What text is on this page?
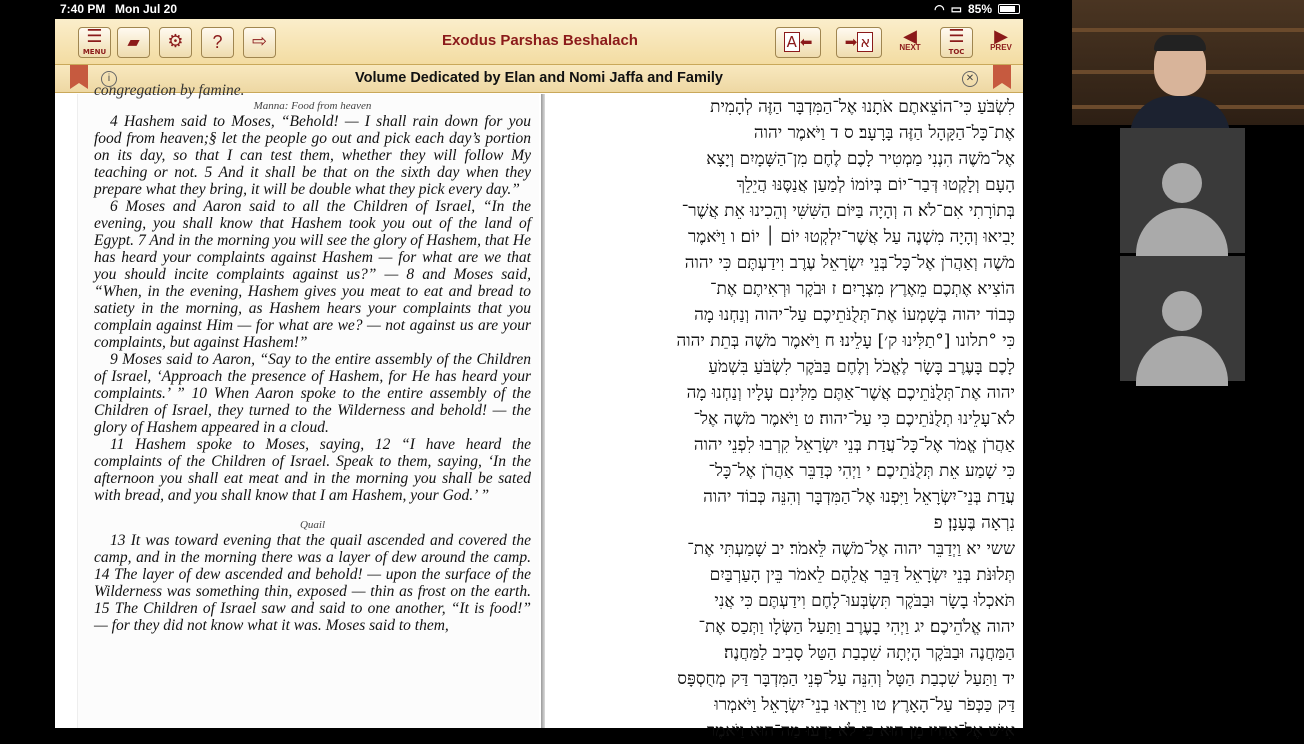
7:40 PM Mon Jul 20	◠ ▭ 85%
☰
MENU
▰	⚙	?	⇨	Exodus Parshas Beshalach	A ⬅	➡ א	◀
NEXT
☰
TOC
▶
PREV
i	Volume Dedicated by Elan and Nomi Jaffa and Family	✕
congregation by famine.
Manna: Food from heaven

4 Hashem said to Moses, “Behold! — I shall rain down for you food from heaven;§ let the people go out and pick each day’s portion on its day, so that I can test them, whether they will follow My teaching or not. 5 And it shall be that on the sixth day when they prepare what they bring, it will be double what they pick every day.”

6 Moses and Aaron said to all the Children of Israel, “In the evening, you shall know that Hashem took you out of the land of Egypt. 7 And in the morning you will see the glory of Hashem, that He has heard your complaints against Hashem — for what are we that you should incite complaints against us?” — 8 and Moses said, “When, in the evening, Hashem gives you meat to eat and bread to satiety in the morning, as Hashem hears your complaints that you complain against Him — for what are we? — not against us are your complaints, but against Hashem!”

9 Moses said to Aaron, “Say to the entire assembly of the Children of Israel, ‘Approach the presence of Hashem, for He has heard your complaints.’ ” 10 When Aaron spoke to the entire assembly of the Children of Israel, they turned to the Wilderness and behold! — the glory of Hashem appeared in a cloud.

11 Hashem spoke to Moses, saying, 12 “I have heard the complaints of the Children of Israel. Speak to them, saying, ‘In the afternoon you shall eat meat and in the morning you shall be sated with bread, and you shall know that I am Hashem, your God.’ ”

Quail

13 It was toward evening that the quail ascended and covered the camp, and in the morning there was a layer of dew around the camp. 14 The layer of dew ascended and behold! — upon the surface of the Wilderness was something thin, exposed — thin as frost on the earth. 15 The Children of Israel saw and said to one another, “It is food!” — for they did not know what it was. Moses said to them,

לִשְׂבֹּעַ כִּי־הוֹצֵאתֶם אֹתָנוּ אֶל־הַמִּדְבָּר הַזֶּה לְהָמִית
אֶת־כָּל־הַקָּהָל הַזֶּה בָּרָעָב׃ ס ד וַיֹּאמֶר יהוה
אֶל־מֹשֶׁה הִנְנִי מַמְטִיר לָכֶם לֶחֶם מִן־הַשָּׁמָיִם וְיָצָא
הָעָם וְלָקְטוּ דְּבַר־יוֹם בְּיוֹמוֹ לְמַעַן אֲנַסֶּנּוּ הֲיֵלֵךְ
בְּתוֹרָתִי אִם־לֹא׃ ה וְהָיָה בַּיּוֹם הַשִּׁשִּׁי וְהֵכִינוּ אֵת אֲשֶׁר־
יָבִיאוּ וְהָיָה מִשְׁנֶה עַל אֲשֶׁר־יִלְקְטוּ יוֹם ׀ יוֹם׃ ו וַיֹּאמֶר
מֹשֶׁה וְאַהֲרֹן אֶל־כָּל־בְּנֵי יִשְׂרָאֵל עֶרֶב וִידַעְתֶּם כִּי יהוה
הוֹצִיא אֶתְכֶם מֵאֶרֶץ מִצְרָיִם׃ ז וּבֹקֶר וּרְאִיתֶם אֶת־
כְּבוֹד יהוה בְּשָׁמְעוֹ אֶת־תְּלֻנֹּתֵיכֶם עַל־יהוה וְנַחְנוּ מָה
כִּי °תלונו [°תַלִּינוּ ק׳] עָלֵינוּ׃ ח וַיֹּאמֶר מֹשֶׁה בְּתֵת יהוה
לָכֶם בָּעֶרֶב בָּשָׂר לֶאֱכֹל וְלֶחֶם בַּבֹּקֶר לִשְׂבֹּעַ בִּשְׁמֹעַ
יהוה אֶת־תְּלֻנֹּתֵיכֶם אֲשֶׁר־אַתֶּם מַלִּינִם עָלָיו וְנַחְנוּ מָה
לֹא־עָלֵינוּ תְלֻנֹּתֵיכֶם כִּי עַל־יהוה׃ ט וַיֹּאמֶר מֹשֶׁה אֶל־
אַהֲרֹן אֱמֹר אֶל־כָּל־עֲדַת בְּנֵי יִשְׂרָאֵל קִרְבוּ לִפְנֵי יהוה
כִּי שָׁמַע אֵת תְּלֻנֹּתֵיכֶם׃ י וַיְהִי כְּדַבֵּר אַהֲרֹן אֶל־כָּל־
עֲדַת בְּנֵי־יִשְׂרָאֵל וַיִּפְנוּ אֶל־הַמִּדְבָּר וְהִנֵּה כְּבוֹד יהוה
נִרְאָה בֶּעָנָן׃ פ
ששי יא וַיְדַבֵּר יהוה אֶל־מֹשֶׁה לֵּאמֹר׃ יב שָׁמַעְתִּי אֶת־
תְּלוּנֹּת בְּנֵי יִשְׂרָאֵל דַּבֵּר אֲלֵהֶם לֵאמֹר בֵּין הָעַרְבַּיִם
תֹּאכְלוּ בָשָׂר וּבַבֹּקֶר תִּשְׂבְּעוּ־לָחֶם וִידַעְתֶּם כִּי אֲנִי
יהוה אֱלֹהֵיכֶם׃ יג וַיְהִי בָעֶרֶב וַתַּעַל הַשְּׂלָו וַתְּכַס אֶת־
הַמַּחֲנֶה וּבַבֹּקֶר הָיְתָה שִׁכְבַת הַטַּל סָבִיב לַמַּחֲנֶה׃
יד וַתַּעַל שִׁכְבַת הַטָּל וְהִנֵּה עַל־פְּנֵי הַמִּדְבָּר דַּק מְחֻסְפָּס
דַּק כַּכְּפֹר עַל־הָאָרֶץ׃ טו וַיִּרְאוּ בְנֵי־יִשְׂרָאֵל וַיֹּאמְרוּ
אִישׁ אֶל־אָחִיו מָן הוּא כִּי לֹא יָדְעוּ מַה־הוּא וַיֹּאמֶר
